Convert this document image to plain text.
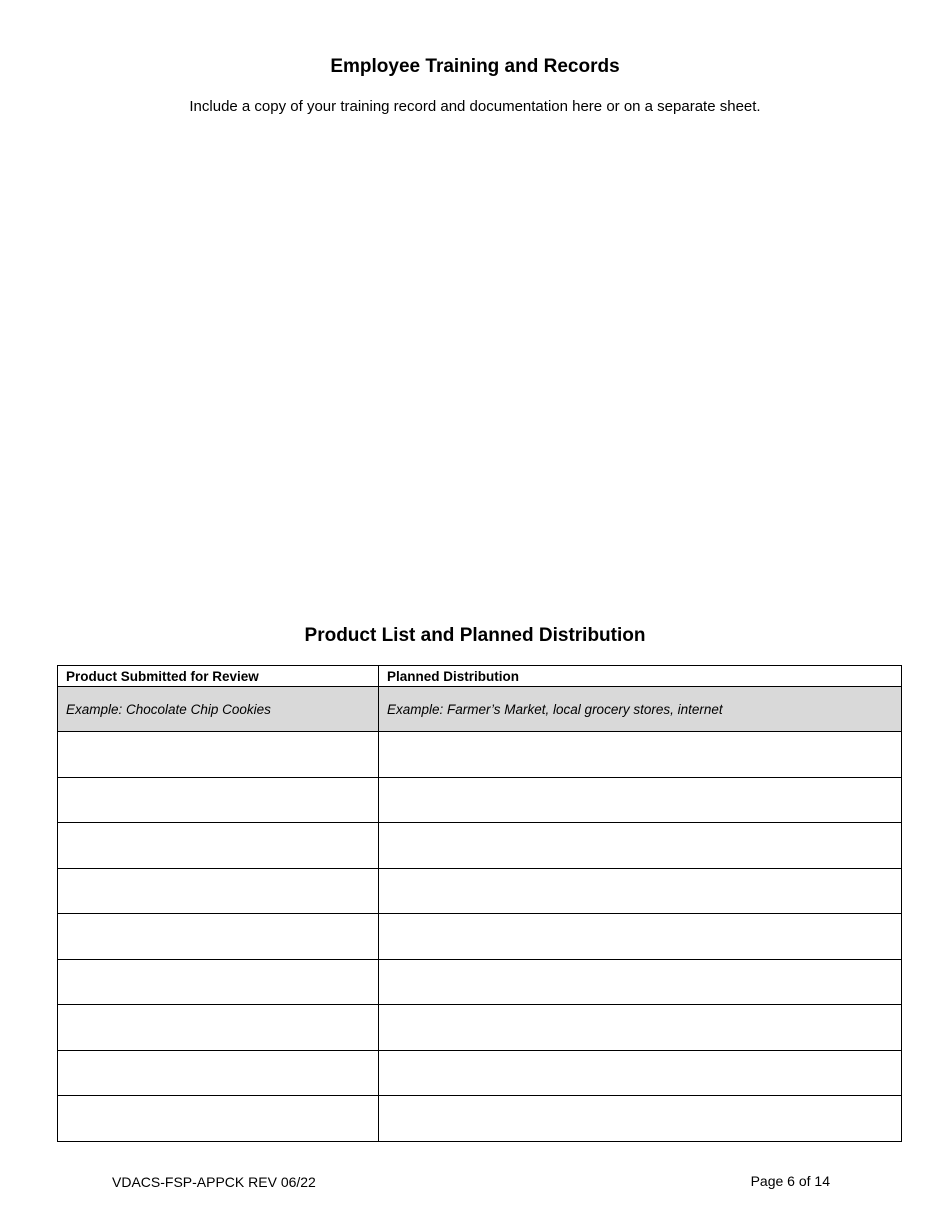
Employee Training and Records

Include a copy of your training record and documentation here or on a separate sheet.

Product List and Planned Distribution
Product Submitted for Review	Planned Distribution
Example: Chocolate Chip Cookies	Example: Farmer’s Market, local grocery stores, internet

VDACS-FSP-APPCK REV 06/22	Page 6 of 14
